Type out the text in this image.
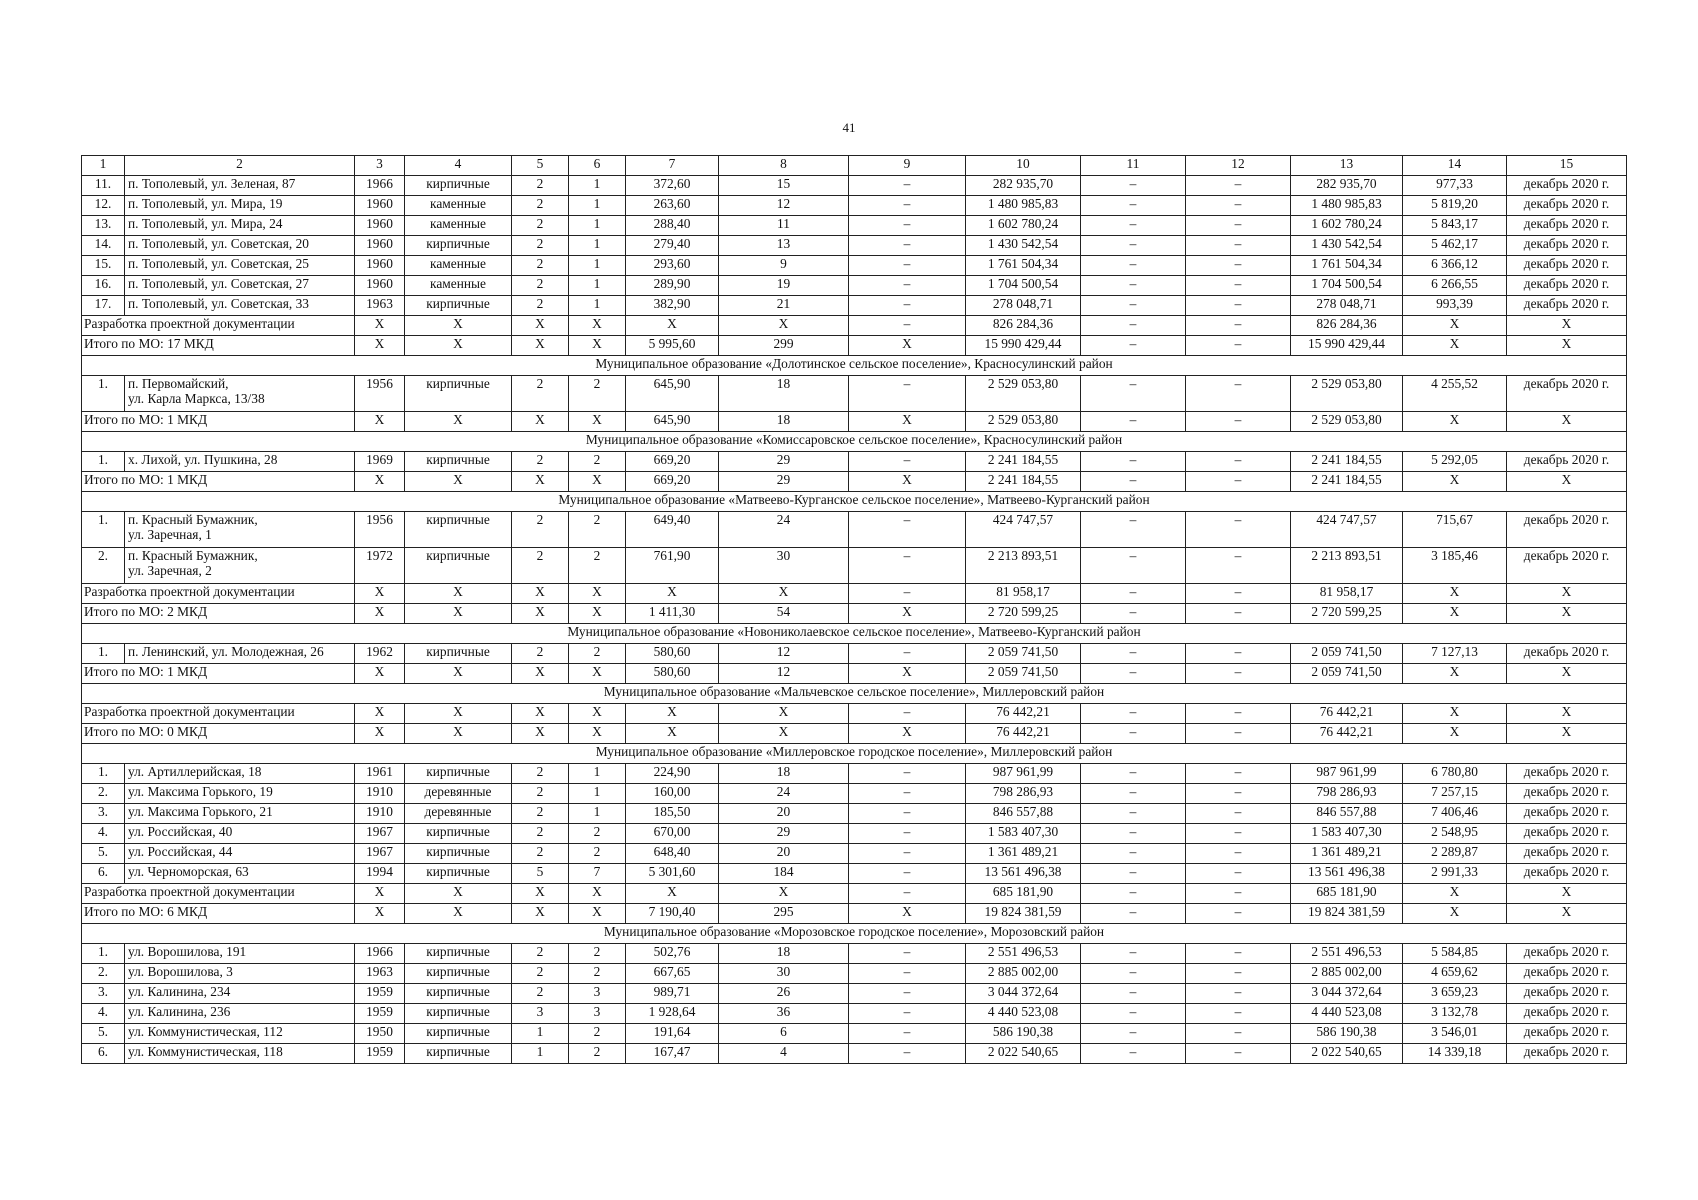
41
1	2	3	4	5	6	7	8	9	10	11	12	13	14	15
11.	п. Тополевый, ул. Зеленая, 87	1966	кирпичные	2	1	372,60	15	–	282 935,70	–	–	282 935,70	977,33	декабрь 2020 г.
12.	п. Тополевый, ул. Мира, 19	1960	каменные	2	1	263,60	12	–	1 480 985,83	–	–	1 480 985,83	5 819,20	декабрь 2020 г.
13.	п. Тополевый, ул. Мира, 24	1960	каменные	2	1	288,40	11	–	1 602 780,24	–	–	1 602 780,24	5 843,17	декабрь 2020 г.
14.	п. Тополевый, ул. Советская, 20	1960	кирпичные	2	1	279,40	13	–	1 430 542,54	–	–	1 430 542,54	5 462,17	декабрь 2020 г.
15.	п. Тополевый, ул. Советская, 25	1960	каменные	2	1	293,60	9	–	1 761 504,34	–	–	1 761 504,34	6 366,12	декабрь 2020 г.
16.	п. Тополевый, ул. Советская, 27	1960	каменные	2	1	289,90	19	–	1 704 500,54	–	–	1 704 500,54	6 266,55	декабрь 2020 г.
17.	п. Тополевый, ул. Советская, 33	1963	кирпичные	2	1	382,90	21	–	278 048,71	–	–	278 048,71	993,39	декабрь 2020 г.
Разработка проектной документации		X	X	X	X	X	X	–	826 284,36	–	–	826 284,36	X	X
Итого по МО: 17 МКД		X	X	X	X	5 995,60	299	X	15 990 429,44	–	–	15 990 429,44	X	X
Муниципальное образование «Долотинское сельское поселение», Красносулинский район														
1.	п. Первомайский,
ул. Карла Маркса, 13/38	1956	кирпичные	2	2	645,90	18	–	2 529 053,80	–	–	2 529 053,80	4 255,52	декабрь 2020 г.
Итого по МО: 1 МКД		X	X	X	X	645,90	18	X	2 529 053,80	–	–	2 529 053,80	X	X
Муниципальное образование «Комиссаровское сельское поселение», Красносулинский район														
1.	х. Лихой, ул. Пушкина, 28	1969	кирпичные	2	2	669,20	29	–	2 241 184,55	–	–	2 241 184,55	5 292,05	декабрь 2020 г.
Итого по МО: 1 МКД		X	X	X	X	669,20	29	X	2 241 184,55	–	–	2 241 184,55	X	X
Муниципальное образование «Матвеево-Курганское сельское поселение», Матвеево-Курганский район														
1.	п. Красный Бумажник,
ул. Заречная, 1	1956	кирпичные	2	2	649,40	24	–	424 747,57	–	–	424 747,57	715,67	декабрь 2020 г.
2.	п. Красный Бумажник,
ул. Заречная, 2	1972	кирпичные	2	2	761,90	30	–	2 213 893,51	–	–	2 213 893,51	3 185,46	декабрь 2020 г.
Разработка проектной документации		X	X	X	X	X	X	–	81 958,17	–	–	81 958,17	X	X
Итого по МО: 2 МКД		X	X	X	X	1 411,30	54	X	2 720 599,25	–	–	2 720 599,25	X	X
Муниципальное образование «Новониколаевское сельское поселение», Матвеево-Курганский район														
1.	п. Ленинский, ул. Молодежная, 26	1962	кирпичные	2	2	580,60	12	–	2 059 741,50	–	–	2 059 741,50	7 127,13	декабрь 2020 г.
Итого по МО: 1 МКД		X	X	X	X	580,60	12	X	2 059 741,50	–	–	2 059 741,50	X	X
Муниципальное образование «Мальчевское сельское поселение», Миллеровский район														
Разработка проектной документации		X	X	X	X	X	X	–	76 442,21	–	–	76 442,21	X	X
Итого по МО: 0 МКД		X	X	X	X	X	X	X	76 442,21	–	–	76 442,21	X	X
Муниципальное образование «Миллеровское городское поселение», Миллеровский район														
1.	ул. Артиллерийская, 18	1961	кирпичные	2	1	224,90	18	–	987 961,99	–	–	987 961,99	6 780,80	декабрь 2020 г.
2.	ул. Максима Горького, 19	1910	деревянные	2	1	160,00	24	–	798 286,93	–	–	798 286,93	7 257,15	декабрь 2020 г.
3.	ул. Максима Горького, 21	1910	деревянные	2	1	185,50	20	–	846 557,88	–	–	846 557,88	7 406,46	декабрь 2020 г.
4.	ул. Российская, 40	1967	кирпичные	2	2	670,00	29	–	1 583 407,30	–	–	1 583 407,30	2 548,95	декабрь 2020 г.
5.	ул. Российская, 44	1967	кирпичные	2	2	648,40	20	–	1 361 489,21	–	–	1 361 489,21	2 289,87	декабрь 2020 г.
6.	ул. Черноморская, 63	1994	кирпичные	5	7	5 301,60	184	–	13 561 496,38	–	–	13 561 496,38	2 991,33	декабрь 2020 г.
Разработка проектной документации		X	X	X	X	X	X	–	685 181,90	–	–	685 181,90	X	X
Итого по МО: 6 МКД		X	X	X	X	7 190,40	295	X	19 824 381,59	–	–	19 824 381,59	X	X
Муниципальное образование «Морозовское городское поселение», Морозовский район														
1.	ул. Ворошилова, 191	1966	кирпичные	2	2	502,76	18	–	2 551 496,53	–	–	2 551 496,53	5 584,85	декабрь 2020 г.
2.	ул. Ворошилова, 3	1963	кирпичные	2	2	667,65	30	–	2 885 002,00	–	–	2 885 002,00	4 659,62	декабрь 2020 г.
3.	ул. Калинина, 234	1959	кирпичные	2	3	989,71	26	–	3 044 372,64	–	–	3 044 372,64	3 659,23	декабрь 2020 г.
4.	ул. Калинина, 236	1959	кирпичные	3	3	1 928,64	36	–	4 440 523,08	–	–	4 440 523,08	3 132,78	декабрь 2020 г.
5.	ул. Коммунистическая, 112	1950	кирпичные	1	2	191,64	6	–	586 190,38	–	–	586 190,38	3 546,01	декабрь 2020 г.
6.	ул. Коммунистическая, 118	1959	кирпичные	1	2	167,47	4	–	2 022 540,65	–	–	2 022 540,65	14 339,18	декабрь 2020 г.
